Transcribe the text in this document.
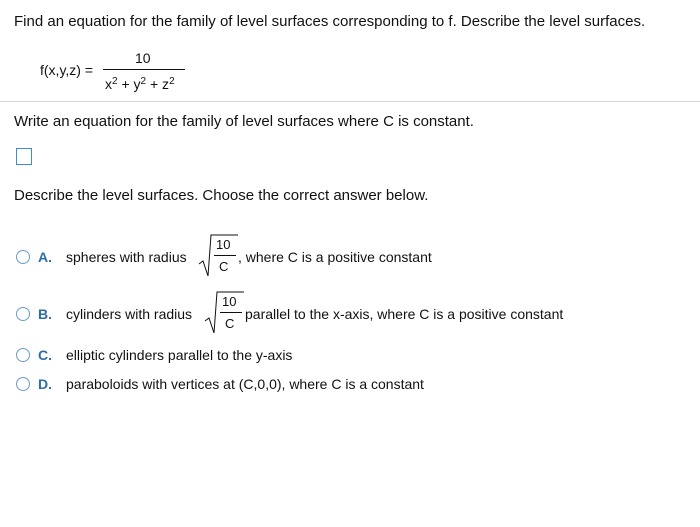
Find an equation for the family of level surfaces corresponding to f. Describe the level surfaces.
f(x,y,z) =
10
$x^2 + y^2 + z^2$
Write an equation for the family of level surfaces where C is constant.
Describe the level surfaces. Choose the correct answer below.
A. spheres with radius
10
C
, where C is a positive constant
B. cylinders with radius
10
C
parallel to the x-axis, where C is a positive constant
C. elliptic cylinders parallel to the y-axis
D. paraboloids with vertices at (C,0,0), where C is a constant
